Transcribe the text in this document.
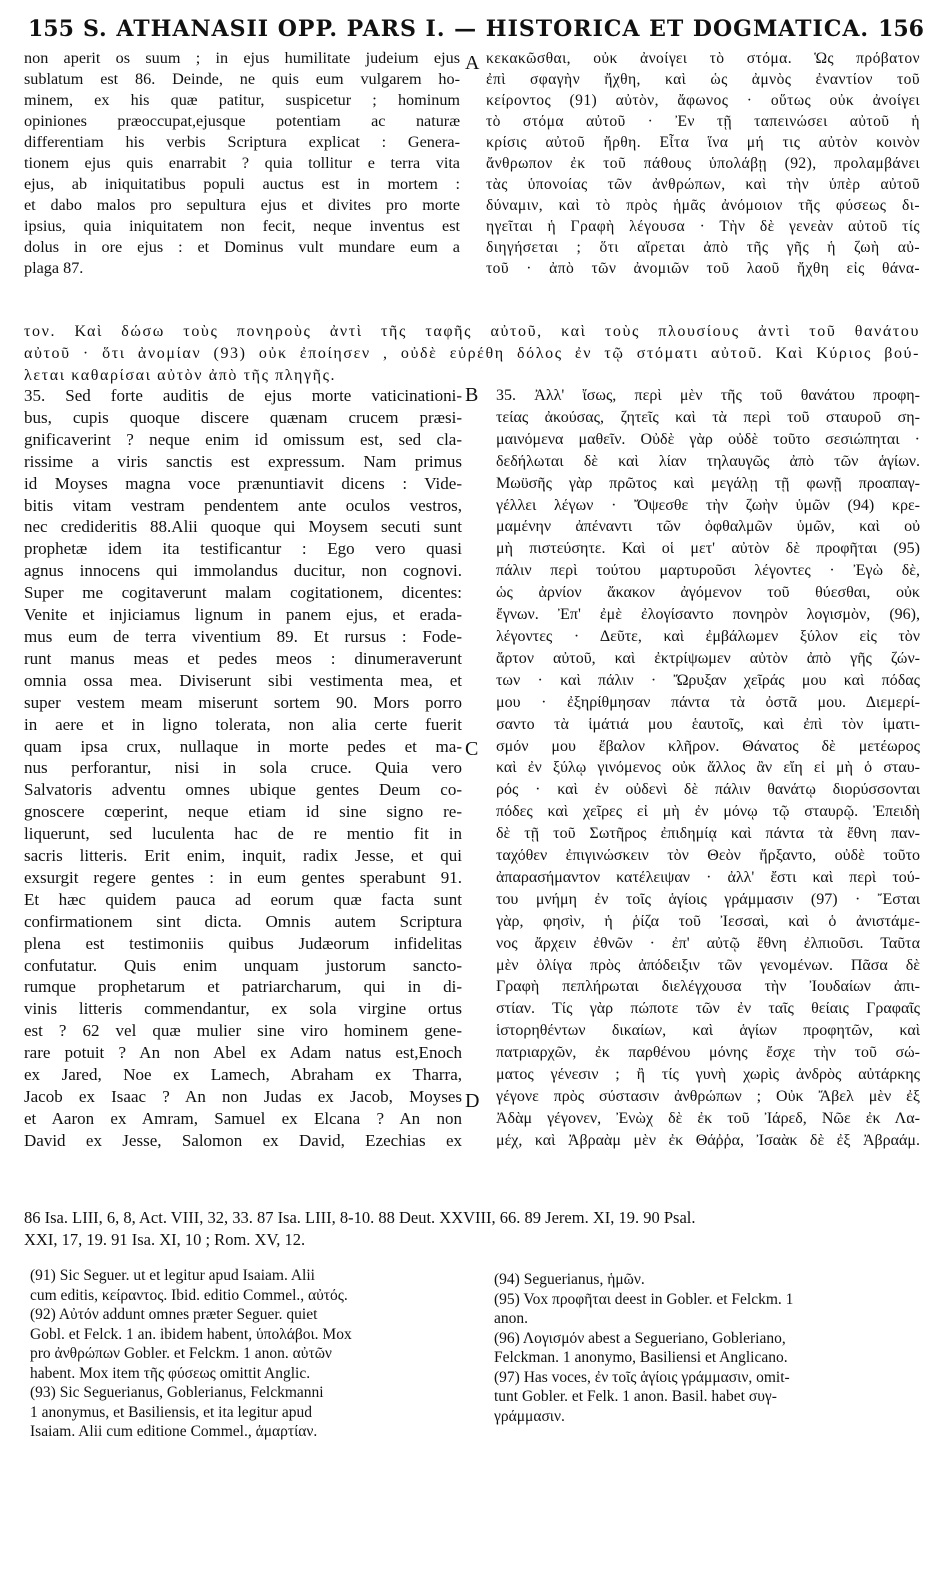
155 S. ATHANASII OPP. PARS I. — HISTORICA ET DOGMATICA. 156
non aperit os suum ; in ejus humilitate judeium ejus
sublatum est 86. Deinde, ne quis eum vulgarem ho-
minem, ex his quæ patitur, suspicetur ; hominum
opiniones præoccupat,ejusque potentiam ac naturæ
differentiam his verbis Scriptura explicat : Genera-
tionem ejus quis enarrabit ? quia tollitur e terra vita
ejus, ab iniquitatibus populi auctus est in mortem :
et dabo malos pro sepultura ejus et divites pro morte
ipsius, quia iniquitatem non fecit, neque inventus est
dolus in ore ejus : et Dominus vult mundare eum a
plaga 87.
κεκακῶσθαι, οὐκ ἀνοίγει τὸ στόμα. Ὡς πρόβατον
ἐπὶ σφαγὴν ἤχθη, καὶ ὡς ἀμνὸς ἐναντίον τοῦ
κείροντος (91) αὐτὸν, ἄφωνος · οὕτως οὐκ ἀνοίγει
τὸ στόμα αὐτοῦ · Ἐν τῇ ταπεινώσει αὐτοῦ ἡ
κρίσις αὐτοῦ ἤρθη. Εἶτα ἵνα μή τις αὐτὸν κοινὸν
ἄνθρωπον ἐκ τοῦ πάθους ὑπολάβῃ (92), προλαμβάνει
τὰς ὑπονοίας τῶν ἀνθρώπων, καὶ τὴν ὑπὲρ αὐτοῦ
δύναμιν, καὶ τὸ πρὸς ἡμᾶς ἀνόμοιον τῆς φύσεως δι-
ηγεῖται ἡ Γραφὴ λέγουσα · Τὴν δὲ γενεὰν αὐτοῦ τίς
διηγήσεται ; ὅτι αἴρεται ἀπὸ τῆς γῆς ἡ ζωὴ αὐ-
τοῦ · ἀπὸ τῶν ἀνομιῶν τοῦ λαοῦ ἤχθη εἰς θάνα-
τον. Καὶ δώσω τοὺς πονηροὺς ἀντὶ τῆς ταφῆς αὐτοῦ, καὶ τοὺς πλουσίους ἀντὶ τοῦ θανάτου
αὐτοῦ · ὅτι ἀνομίαν (93) οὐκ ἐποίησεν , οὐδὲ εὑρέθη δόλος ἐν τῷ στόματι αὐτοῦ. Καὶ Κύριος βού-
λεται καθαρίσαι αὐτὸν ἀπὸ τῆς πληγῆς.
35. Sed forte auditis de ejus morte vaticinationi-
bus, cupis quoque discere quænam crucem præsi-
gnificaverint ? neque enim id omissum est, sed cla-
rissime a viris sanctis est expressum. Nam primus
id Moyses magna voce prænuntiavit dicens : Vide-
bitis vitam vestram pendentem ante oculos vestros,
nec credideritis 88.Alii quoque qui Moysem secuti sunt
prophetæ idem ita testificantur : Ego vero quasi
agnus innocens qui immolandus ducitur, non cognovi.
Super me cogitaverunt malam cogitationem, dicentes:
Venite et injiciamus lignum in panem ejus, et erada-
mus eum de terra viventium 89. Et rursus : Fode-
runt manus meas et pedes meos : dinumeraverunt
omnia ossa mea. Diviserunt sibi vestimenta mea, et
super vestem meam miserunt sortem 90. Mors porro
in aere et in ligno tolerata, non alia certe fuerit
quam ipsa crux, nullaque in morte pedes et ma-
nus perforantur, nisi in sola cruce. Quia vero
Salvatoris adventu omnes ubique gentes Deum co-
gnoscere cœperint, neque etiam id sine signo re-
liquerunt, sed luculenta hac de re mentio fit in
sacris litteris. Erit enim, inquit, radix Jesse, et qui
exsurgit regere gentes : in eum gentes sperabunt 91.
Et hæc quidem pauca ad eorum quæ facta sunt
confirmationem sint dicta. Omnis autem Scriptura
plena est testimoniis quibus Judæorum infidelitas
confutatur. Quis enim unquam justorum sancto-
rumque prophetarum et patriarcharum, qui in di-
vinis litteris commendantur, ex sola virgine ortus
est ? 62 vel quæ mulier sine viro hominem gene-
rare potuit ? An non Abel ex Adam natus est,Enoch
ex Jared, Noe ex Lamech, Abraham ex Tharra,
Jacob ex Isaac ? An non Judas ex Jacob, Moyses
et Aaron ex Amram, Samuel ex Elcana ? An non
David ex Jesse, Salomon ex David, Ezechias ex
35. Ἀλλ' ἴσως, περὶ μὲν τῆς τοῦ θανάτου προφη-
τείας ἀκούσας, ζητεῖς καὶ τὰ περὶ τοῦ σταυροῦ ση-
μαινόμενα μαθεῖν. Οὐδὲ γὰρ οὐδὲ τοῦτο σεσιώπηται ·
δεδήλωται δὲ καὶ λίαν τηλαυγῶς ἀπὸ τῶν ἁγίων.
Μωϋσῆς γὰρ πρῶτος καὶ μεγάλῃ τῇ φωνῇ προαπαγ-
γέλλει λέγων · Ὄψεσθε τὴν ζωὴν ὑμῶν (94) κρε-
μαμένην ἀπέναντι τῶν ὀφθαλμῶν ὑμῶν, καὶ οὐ
μὴ πιστεύσητε. Καὶ οἱ μετ' αὐτὸν δὲ προφῆται (95)
πάλιν περὶ τούτου μαρτυροῦσι λέγοντες · Ἐγὼ δὲ,
ὡς ἀρνίον ἄκακον ἀγόμενον τοῦ θύεσθαι, οὐκ
ἔγνων. Ἐπ' ἐμὲ ἐλογίσαντο πονηρὸν λογισμὸν, (96),
λέγοντες · Δεῦτε, καὶ ἐμβάλωμεν ξύλον εἰς τὸν
ἄρτον αὐτοῦ, καὶ ἐκτρίψωμεν αὐτὸν ἀπὸ γῆς ζών-
των · καὶ πάλιν · Ὤρυξαν χεῖράς μου καὶ πόδας
μου · ἐξηρίθμησαν πάντα τὰ ὀστᾶ μου. Διεμερί-
σαντο τὰ ἱμάτιά μου ἑαυτοῖς, καὶ ἐπὶ τὸν ἱματι-
σμόν μου ἔβαλον κλῆρον. Θάνατος δὲ μετέωρος
καὶ ἐν ξύλῳ γινόμενος οὐκ ἄλλος ἂν εἴη εἰ μὴ ὁ σταυ-
ρός · καὶ ἐν οὐδενὶ δὲ πάλιν θανάτῳ διορύσσονται
πόδες καὶ χεῖρες εἰ μὴ ἐν μόνῳ τῷ σταυρῷ. Ἐπειδὴ
δὲ τῇ τοῦ Σωτῆρος ἐπιδημίᾳ καὶ πάντα τὰ ἔθνη παν-
ταχόθεν ἐπιγινώσκειν τὸν Θεὸν ἤρξαντο, οὐδὲ τοῦτο
ἀπαρασήμαντον κατέλειψαν · ἀλλ' ἔστι καὶ περὶ τού-
του μνήμη ἐν τοῖς ἁγίοις γράμμασιν (97) · Ἔσται
γὰρ, φησὶν, ἡ ῥίζα τοῦ Ἰεσσαὶ, καὶ ὁ ἀνιστάμε-
νος ἄρχειν ἐθνῶν · ἐπ' αὐτῷ ἔθνη ἐλπιοῦσι. Ταῦτα
μὲν ὀλίγα πρὸς ἀπόδειξιν τῶν γενομένων. Πᾶσα δὲ
Γραφὴ πεπλήρωται διελέγχουσα τὴν Ἰουδαίων ἀπι-
στίαν. Τίς γὰρ πώποτε τῶν ἐν ταῖς θείαις Γραφαῖς
ἱστορηθέντων δικαίων, καὶ ἁγίων προφητῶν, καὶ
πατριαρχῶν, ἐκ παρθένου μόνης ἔσχε τὴν τοῦ σώ-
ματος γένεσιν ; ἢ τίς γυνὴ χωρὶς ἀνδρὸς αὐτάρκης
γέγονε πρὸς σύστασιν ἀνθρώπων ; Οὐκ Ἄβελ μὲν ἐξ
Ἀδὰμ γέγονεν, Ἐνὼχ δὲ ἐκ τοῦ Ἰάρεδ, Νῶε ἐκ Λα-
μέχ, καὶ Ἀβραὰμ μὲν ἐκ Θάῤῥα, Ἰσαὰκ δὲ ἐξ Ἀβραάμ.
A
B
C
D
86 Isa. LIII, 6, 8, Act. VIII, 32, 33. 87 Isa. LIII, 8-10. 88 Deut. XXVIII, 66. 89 Jerem. XI, 19. 90 Psal.
XXI, 17, 19. 91 Isa. XI, 10 ; Rom. XV, 12.
(91) Sic Seguer. ut et legitur apud Isaiam. Alii
cum editis, κείραντος. Ibid. editio Commel., αὐτός.
(92) Αὐτόν addunt omnes præter Seguer. quiet
Gobl. et Felck. 1 an. ibidem habent, ὑπολάβοι. Mox
pro ἀνθρώπων Gobler. et Felckm. 1 anon. αὐτῶν
habent. Mox item τῆς φύσεως omittit Anglic.
(93) Sic Seguerianus, Goblerianus, Felckmanni
1 anonymus, et Basiliensis, et ita legitur apud
Isaiam. Alii cum editione Commel., ἁμαρτίαν.
(94) Seguerianus, ἡμῶν.
(95) Vox προφῆται deest in Gobler. et Felckm. 1
anon.
(96) Λογισμόν abest a Segueriano, Gobleriano,
Felckman. 1 anonymo, Basiliensi et Anglicano.
(97) Has voces, ἐν τοῖς ἁγίοις γράμμασιν, omit-
tunt Gobler. et Felk. 1 anon. Basil. habet συγ-
γράμμασιν.
